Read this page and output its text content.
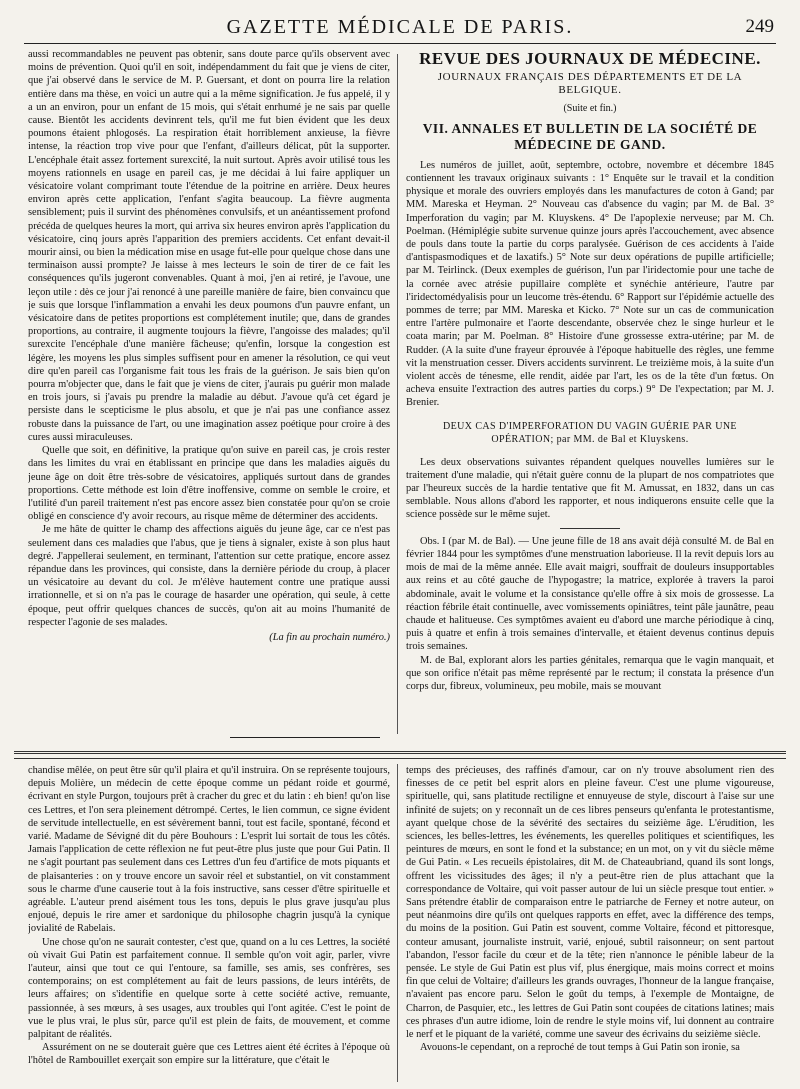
GAZETTE MÉDICALE DE PARIS.	249

aussi recommandables ne peuvent pas obtenir, sans doute parce qu'ils observent avec moins de prévention. Quoi qu'il en soit, indépendamment du fait que je viens de citer, que j'ai observé dans le service de M. P. Guersant, et dont on pourra lire la relation entière dans ma thèse, en voici un autre qui a la même signification. Je fus appelé, il y a un an environ, pour un enfant de 15 mois, qui s'était enrhumé je ne sais par quelle cause. Bientôt les accidents devinrent tels, qu'il me fut bien évident que les deux poumons étaient phlogosés. La respiration était horriblement anxieuse, la fièvre intense, la réaction trop vive pour que l'enfant, d'ailleurs délicat, pût la supporter. L'encéphale était assez fortement surexcité, la nuit surtout. Après avoir utilisé tous les moyens rationnels en usage en pareil cas, je me décidai à lui faire appliquer un vésicatoire volant comprimant toute l'étendue de la poitrine en arrière. Deux heures environ après cette application, l'enfant s'agita beaucoup. La fièvre augmenta sensiblement; puis il survint des phénomènes convulsifs, et un anéantissement profond précéda de quelques heures la mort, qui arriva six heures environ après l'application du vésicatoire, cinq jours après l'apparition des premiers accidents. Cet enfant devait-il mourir ainsi, ou bien la médication mise en usage fut-elle pour quelque chose dans une terminaison aussi prompte? Je laisse à mes lecteurs le soin de tirer de ce fait les conséquences qu'ils jugeront convenables. Quant à moi, j'en ai retiré, je l'avoue, une leçon utile : dès ce jour j'ai renoncé à une pareille manière de faire, bien convaincu que je suis que lorsque l'inflammation a envahi les deux poumons d'un pauvre enfant, un vésicatoire dans de petites proportions est complétement inutile; que, dans de grandes proportions, au contraire, il augmente toujours la fièvre, l'angoisse des malades; qu'il surexcite l'encéphale d'une manière fâcheuse; qu'enfin, lorsque la congestion est légère, les moyens les plus simples suffisent pour en amener la résolution, ce qui veut dire qu'en pareil cas l'organisme fait tous les frais de la guérison. Je sais bien qu'on pourra m'objecter que, dans le fait que je viens de citer, j'aurais pu guérir mon malade en trois jours, si j'avais pu prendre la maladie au début. J'avoue qu'à cet égard je persiste dans le scepticisme le plus absolu, et que je n'ai pas une confiance assez robuste dans la puissance de l'art, ou une imagination assez poétique pour croire à des cures aussi miraculeuses.

Quelle que soit, en définitive, la pratique qu'on suive en pareil cas, je crois rester dans les limites du vrai en établissant en principe que dans les maladies aiguës du jeune âge on doit être très-sobre de vésicatoires, appliqués surtout dans de grandes proportions. Cette méthode est loin d'être inoffensive, comme on semble le croire, et l'utilité d'un pareil traitement n'est pas encore assez bien constatée pour qu'on se croie obligé en conscience d'y avoir recours, au risque même de déterminer des accidents.

Je me hâte de quitter le champ des affections aiguës du jeune âge, car ce n'est pas seulement dans ces maladies que l'abus, que je tiens à signaler, existe à son plus haut degré. J'appellerai seulement, en terminant, l'attention sur cette pratique, encore assez répandue dans les provinces, qui consiste, dans la dernière période du croup, à placer un vésicatoire au devant du col. Je m'élève hautement contre une pratique aussi irrationnelle, et si on n'a pas le courage de hasarder une opération, qui seule, à cette époque, peut offrir quelques chances de succès, qu'on ait au moins l'humanité de respecter l'agonie de ses malades.

(La fin au prochain numéro.)
REVUE DES JOURNAUX DE MÉDECINE.
JOURNAUX FRANÇAIS DES DÉPARTEMENTS ET DE LA BELGIQUE.
(Suite et fin.)
VII. ANNALES ET BULLETIN DE LA SOCIÉTÉ DE MÉDECINE DE GAND.

Les numéros de juillet, août, septembre, octobre, novembre et décembre 1845 contiennent les travaux originaux suivants : 1° Enquête sur le travail et la condition physique et morale des ouvriers employés dans les manufactures de coton à Gand; par MM. Mareska et Heyman. 2° Nouveau cas d'absence du vagin; par M. de Bal. 3° Imperforation du vagin; par M. Kluyskens. 4° De l'apoplexie nerveuse; par M. Ch. Poelman. (Hémiplégie subite survenue quinze jours après l'accouchement, avec absence de pouls dans toute la partie du corps paralysée. Guérison de ces accidents à l'aide d'antispasmodiques et de laxatifs.) 5° Note sur deux opérations de pupille artificielle; par M. Teirlinck. (Deux exemples de guérison, l'un par l'iridectomie pour une tache de la cornée avec atrésie pupillaire complète et synéchie antérieure, l'autre par l'iridectomédyalisis pour un leucome très-étendu. 6° Rapport sur l'épidémie actuelle des pommes de terre; par MM. Mareska et Kicko. 7° Note sur un cas de communication entre l'artère pulmonaire et l'aorte descendante, observée chez le singe hurleur et le coata marin; par M. Poelman. 8° Histoire d'une grossesse extra-utérine; par M. de Rudder. (A la suite d'une frayeur éprouvée à l'époque habituelle des règles, une femme vit la menstruation cesser. Divers accidents survinrent. Le treizième mois, à la suite d'un violent accès de ténesme, elle rendit, aidée par l'art, les os de la tête d'un fœtus. On acheva ensuite l'extraction des autres parties du corps.) 9° De l'expectation; par M. J. Brenier.

DEUX CAS D'IMPERFORATION DU VAGIN GUÉRIE PAR UNE OPÉRATION; par MM. de Bal et Kluyskens.

Les deux observations suivantes répandent quelques nouvelles lumières sur le traitement d'une maladie, qui n'était guère connu de la plupart de nos compatriotes que par l'heureux succès de la hardie tentative que fit M. Amussat, en 1832, dans un cas semblable. Nous allons d'abord les rapporter, et nous indiquerons ensuite celle que la science possède sur le même sujet.

Obs. I (par M. de Bal). — Une jeune fille de 18 ans avait déjà consulté M. de Bal en février 1844 pour les symptômes d'une menstruation laborieuse. Il la revit depuis lors au mois de mai de la même année. Elle avait maigri, souffrait de douleurs insupportables aux reins et au côté gauche de l'hypogastre; la matrice, explorée à travers la paroi abdominale, avait le volume et la consistance qu'elle offre à six mois de grossesse. La réaction fébrile était continuelle, avec vomissements opiniâtres, teint pâle jaunâtre, peau chaude et halitueuse. Ces symptômes avaient eu d'abord une marche périodique à cinq, puis à quatre et enfin à trois semaines d'intervalle, et étaient devenus continus depuis trois semaines.

M. de Bal, explorant alors les parties génitales, remarqua que le vagin manquait, et que son orifice n'était pas même représenté par le rectum; il constata la présence d'un corps dur, fibreux, volumineux, peu mobile, mais se mouvant

chandise mêlée, on peut être sûr qu'il plaira et qu'il instruira. On se représente toujours, depuis Molière, un médecin de cette époque comme un pédant roide et gourmé, écrivant en style Purgon, toujours prêt à cracher du grec et du latin : eh bien! qu'on lise ces Lettres, et l'on sera pleinement détrompé. Certes, le lien commun, ce signe évident de servitude intellectuelle, en est sévèrement banni, tout est facile, spontané, fécond et varié. Madame de Sévigné dit du père Bouhours : L'esprit lui sortait de tous les côtés. Jamais l'application de cette réflexion ne fut peut-être plus juste que pour Gui Patin. Il ne s'agit pourtant pas seulement dans ces Lettres d'un feu d'artifice de mots piquants et de plaisanteries : on y trouve encore un savoir réel et substantiel, on vit constamment sous le charme d'une causerie tout à la fois instructive, sans cesser d'être spirituelle et agréable. L'auteur prend aisément tous les tons, depuis le plus grave jusqu'au plus enjoué, depuis le rire amer et sardonique du philosophe chagrin jusqu'à la cynique jovialité de Rabelais.

Une chose qu'on ne saurait contester, c'est que, quand on a lu ces Lettres, la société où vivait Gui Patin est parfaitement connue. Il semble qu'on voit agir, parler, vivre l'auteur, ainsi que tout ce qui l'entoure, sa famille, ses amis, ses confrères, ses contemporains; on est complétement au fait de leurs passions, de leurs intérêts, de leurs affaires; on s'identifie en quelque sorte à cette société active, remuante, passionnée, à ses mœurs, à ses usages, aux troubles qui l'ont agitée. C'est le point de vue le plus vrai, le plus sûr, parce qu'il est plein de faits, de mouvement, et comme palpitant de réalités.

Assurément on ne se douterait guère que ces Lettres aient été écrites à l'époque où l'hôtel de Rambouillet exerçait son empire sur la littérature, que c'était le

temps des précieuses, des raffinés d'amour, car on n'y trouve absolument rien des finesses de ce petit bel esprit alors en pleine faveur. C'est une plume vigoureuse, spirituelle, qui, sans platitude rectiligne et ennuyeuse de style, discourt à l'aise sur une infinité de sujets; on y reconnaît un de ces libres penseurs qu'enfanta le protestantisme, ayant quelque chose de la sévérité des sectaires du seizième âge. L'érudition, les sciences, les belles-lettres, les événements, les querelles politiques et scientifiques, les peintures de mœurs, en sont le fond et la substance; en un mot, on y vit du siècle même de Gui Patin. « Les recueils épistolaires, dit M. de Chateaubriand, quand ils sont longs, offrent les vicissitudes des âges; il n'y a peut-être rien de plus attachant que la correspondance de Voltaire, qui voit passer autour de lui un siècle presque tout entier. » Sans prétendre établir de comparaison entre le patriarche de Ferney et notre auteur, on peut néanmoins dire qu'ils ont quelques rapports en effet, avec la différence des temps, du moins de la position. Gui Patin est souvent, comme Voltaire, fécond et pittoresque, conteur amusant, journaliste instruit, varié, enjoué, subtil raisonneur; on sent partout l'abandon, l'essor facile du cœur et de la tête; rien n'annonce le pénible labeur de la pensée. Le style de Gui Patin est plus vif, plus énergique, mais moins correct et moins fin que celui de Voltaire; d'ailleurs les grands ouvrages, l'honneur de la langue française, n'avaient pas encore paru. Selon le goût du temps, à l'exemple de Montaigne, de Charron, de Pasquier, etc., les lettres de Gui Patin sont coupées de citations latines; mais ces phrases d'un autre idiome, loin de rendre le style moins vif, lui donnent au contraire le nerf et le piquant de la variété, comme une saveur des écrivains du seizième siècle.

Avouons-le cependant, on a reproché de tout temps à Gui Patin son ironie, sa
